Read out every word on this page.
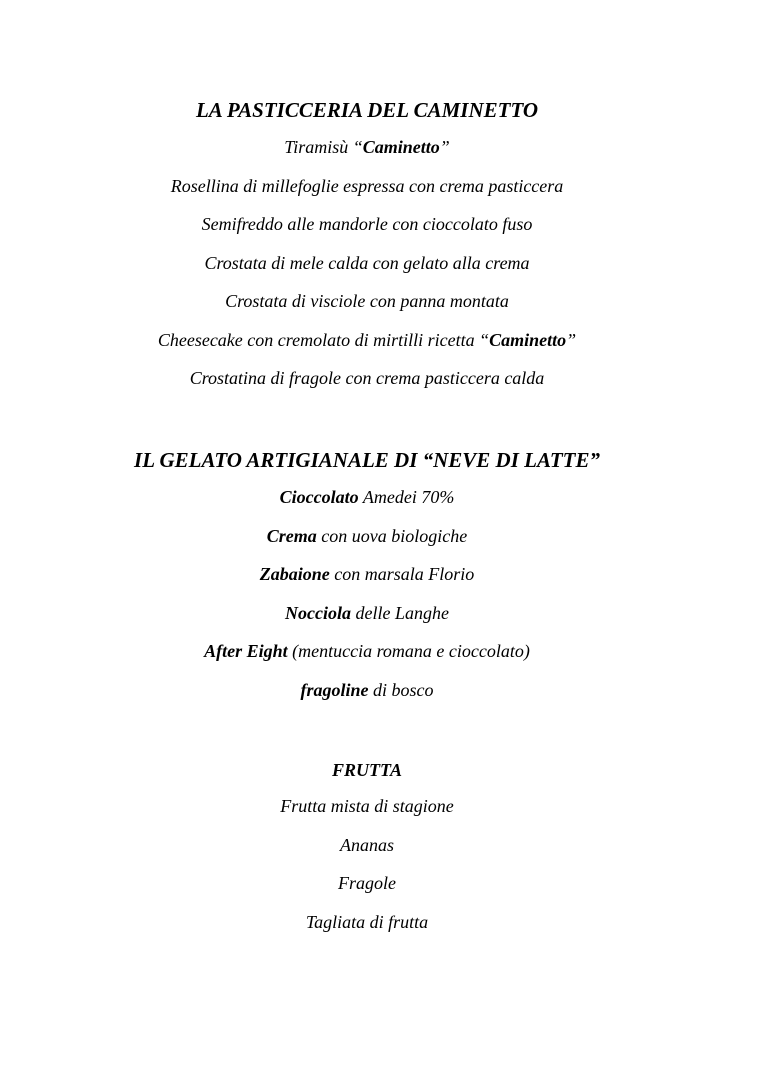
LA PASTICCERIA DEL CAMINETTO

Tiramisù “Caminetto”

Rosellina di millefoglie espressa con crema pasticcera

Semifreddo alle mandorle con cioccolato fuso

Crostata di mele calda con gelato alla crema

Crostata di visciole con panna montata

Cheesecake con cremolato di mirtilli ricetta “Caminetto”

Crostatina di fragole con crema pasticcera calda

IL GELATO ARTIGIANALE DI “NEVE DI LATTE”

Cioccolato Amedei 70%

Crema con uova biologiche

Zabaione con marsala Florio

Nocciola delle Langhe

After Eight (mentuccia romana e cioccolato)

fragoline di bosco

FRUTTA

Frutta mista di stagione

Ananas

Fragole

Tagliata di frutta
